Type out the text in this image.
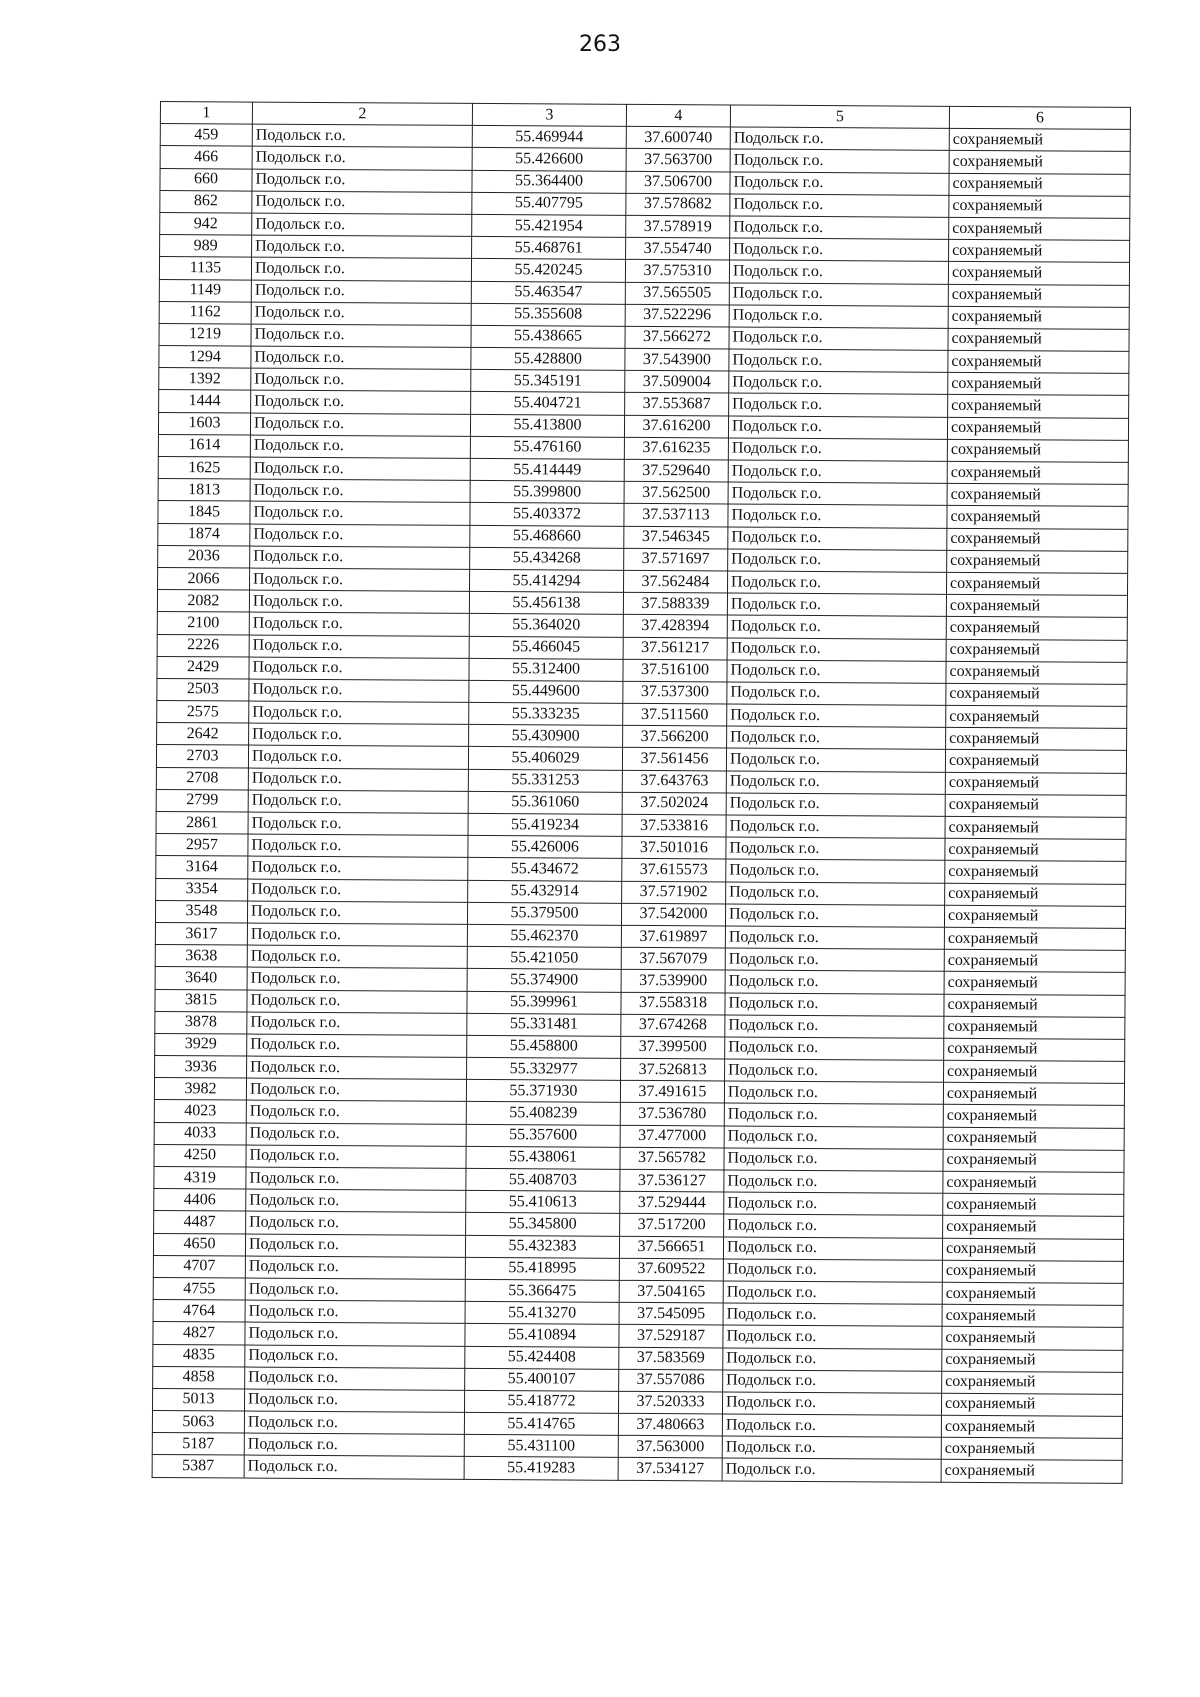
263
1	2	3	4	5	6
459	Подольск г.о.	55.469944	37.600740	Подольск г.о.	сохраняемый
466	Подольск г.о.	55.426600	37.563700	Подольск г.о.	сохраняемый
660	Подольск г.о.	55.364400	37.506700	Подольск г.о.	сохраняемый
862	Подольск г.о.	55.407795	37.578682	Подольск г.о.	сохраняемый
942	Подольск г.о.	55.421954	37.578919	Подольск г.о.	сохраняемый
989	Подольск г.о.	55.468761	37.554740	Подольск г.о.	сохраняемый
1135	Подольск г.о.	55.420245	37.575310	Подольск г.о.	сохраняемый
1149	Подольск г.о.	55.463547	37.565505	Подольск г.о.	сохраняемый
1162	Подольск г.о.	55.355608	37.522296	Подольск г.о.	сохраняемый
1219	Подольск г.о.	55.438665	37.566272	Подольск г.о.	сохраняемый
1294	Подольск г.о.	55.428800	37.543900	Подольск г.о.	сохраняемый
1392	Подольск г.о.	55.345191	37.509004	Подольск г.о.	сохраняемый
1444	Подольск г.о.	55.404721	37.553687	Подольск г.о.	сохраняемый
1603	Подольск г.о.	55.413800	37.616200	Подольск г.о.	сохраняемый
1614	Подольск г.о.	55.476160	37.616235	Подольск г.о.	сохраняемый
1625	Подольск г.о.	55.414449	37.529640	Подольск г.о.	сохраняемый
1813	Подольск г.о.	55.399800	37.562500	Подольск г.о.	сохраняемый
1845	Подольск г.о.	55.403372	37.537113	Подольск г.о.	сохраняемый
1874	Подольск г.о.	55.468660	37.546345	Подольск г.о.	сохраняемый
2036	Подольск г.о.	55.434268	37.571697	Подольск г.о.	сохраняемый
2066	Подольск г.о.	55.414294	37.562484	Подольск г.о.	сохраняемый
2082	Подольск г.о.	55.456138	37.588339	Подольск г.о.	сохраняемый
2100	Подольск г.о.	55.364020	37.428394	Подольск г.о.	сохраняемый
2226	Подольск г.о.	55.466045	37.561217	Подольск г.о.	сохраняемый
2429	Подольск г.о.	55.312400	37.516100	Подольск г.о.	сохраняемый
2503	Подольск г.о.	55.449600	37.537300	Подольск г.о.	сохраняемый
2575	Подольск г.о.	55.333235	37.511560	Подольск г.о.	сохраняемый
2642	Подольск г.о.	55.430900	37.566200	Подольск г.о.	сохраняемый
2703	Подольск г.о.	55.406029	37.561456	Подольск г.о.	сохраняемый
2708	Подольск г.о.	55.331253	37.643763	Подольск г.о.	сохраняемый
2799	Подольск г.о.	55.361060	37.502024	Подольск г.о.	сохраняемый
2861	Подольск г.о.	55.419234	37.533816	Подольск г.о.	сохраняемый
2957	Подольск г.о.	55.426006	37.501016	Подольск г.о.	сохраняемый
3164	Подольск г.о.	55.434672	37.615573	Подольск г.о.	сохраняемый
3354	Подольск г.о.	55.432914	37.571902	Подольск г.о.	сохраняемый
3548	Подольск г.о.	55.379500	37.542000	Подольск г.о.	сохраняемый
3617	Подольск г.о.	55.462370	37.619897	Подольск г.о.	сохраняемый
3638	Подольск г.о.	55.421050	37.567079	Подольск г.о.	сохраняемый
3640	Подольск г.о.	55.374900	37.539900	Подольск г.о.	сохраняемый
3815	Подольск г.о.	55.399961	37.558318	Подольск г.о.	сохраняемый
3878	Подольск г.о.	55.331481	37.674268	Подольск г.о.	сохраняемый
3929	Подольск г.о.	55.458800	37.399500	Подольск г.о.	сохраняемый
3936	Подольск г.о.	55.332977	37.526813	Подольск г.о.	сохраняемый
3982	Подольск г.о.	55.371930	37.491615	Подольск г.о.	сохраняемый
4023	Подольск г.о.	55.408239	37.536780	Подольск г.о.	сохраняемый
4033	Подольск г.о.	55.357600	37.477000	Подольск г.о.	сохраняемый
4250	Подольск г.о.	55.438061	37.565782	Подольск г.о.	сохраняемый
4319	Подольск г.о.	55.408703	37.536127	Подольск г.о.	сохраняемый
4406	Подольск г.о.	55.410613	37.529444	Подольск г.о.	сохраняемый
4487	Подольск г.о.	55.345800	37.517200	Подольск г.о.	сохраняемый
4650	Подольск г.о.	55.432383	37.566651	Подольск г.о.	сохраняемый
4707	Подольск г.о.	55.418995	37.609522	Подольск г.о.	сохраняемый
4755	Подольск г.о.	55.366475	37.504165	Подольск г.о.	сохраняемый
4764	Подольск г.о.	55.413270	37.545095	Подольск г.о.	сохраняемый
4827	Подольск г.о.	55.410894	37.529187	Подольск г.о.	сохраняемый
4835	Подольск г.о.	55.424408	37.583569	Подольск г.о.	сохраняемый
4858	Подольск г.о.	55.400107	37.557086	Подольск г.о.	сохраняемый
5013	Подольск г.о.	55.418772	37.520333	Подольск г.о.	сохраняемый
5063	Подольск г.о.	55.414765	37.480663	Подольск г.о.	сохраняемый
5187	Подольск г.о.	55.431100	37.563000	Подольск г.о.	сохраняемый
5387	Подольск г.о.	55.419283	37.534127	Подольск г.о.	сохраняемый
